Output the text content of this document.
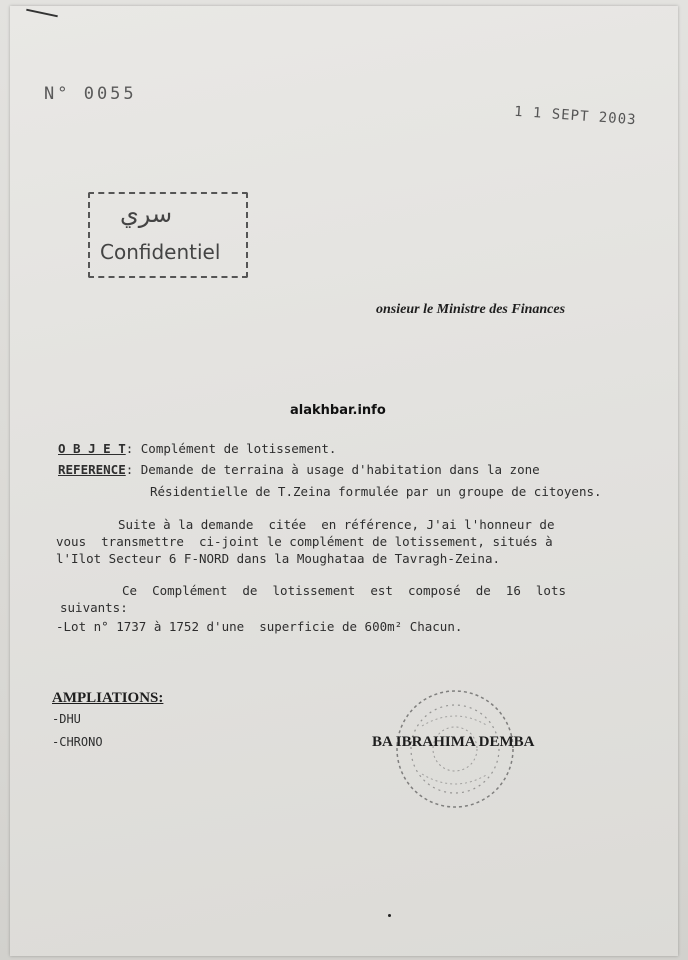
N° 0055
1 1 SEPT 2003
سري
Confidentiel
onsieur le Ministre des Finances
alakhbar.info
O B J E T: Complément de lotissement.
REFERENCE: Demande de terraina à usage d'habitation dans la zone
Résidentielle de T.Zeina formulée par un groupe de citoyens.
Suite à la demande  citée  en référence, J'ai l'honneur de
vous  transmettre  ci-joint le complément de lotissement, situés à
l'Ilot Secteur 6 F-NORD dans la Moughataa de Tavragh-Zeina.
Ce  Complément  de  lotissement  est  composé  de  16  lots
suivants:
-Lot n° 1737 à 1752 d'une  superficie de 600m² Chacun.
AMPLIATIONS:
-DHU
-CHRONO	BA IBRAHIMA DEMBA
